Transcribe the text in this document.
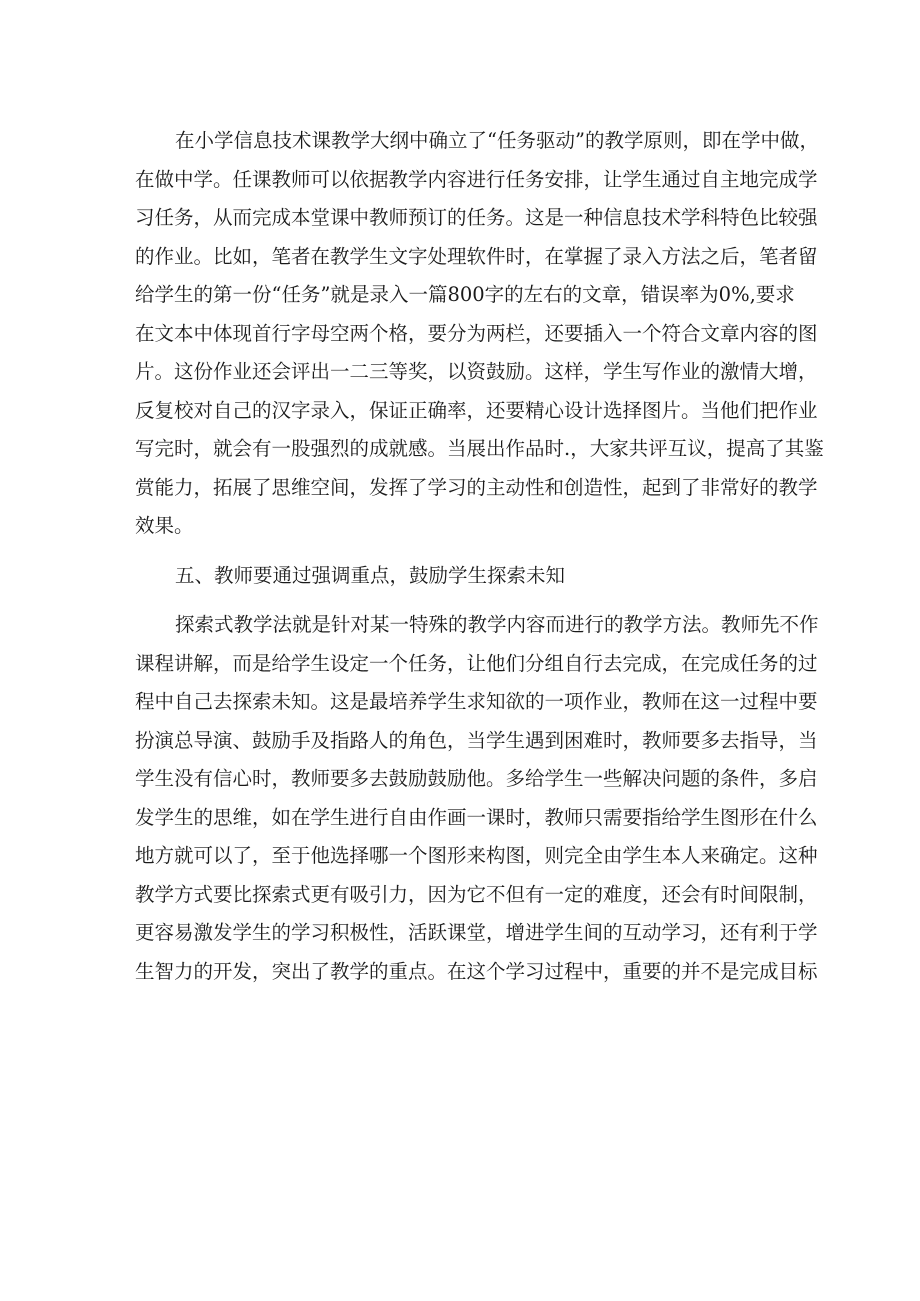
在小学信息技术课教学大纲中确立了“任务驱动”的教学原则，即在学中做，
在做中学。任课教师可以依据教学内容进行任务安排，让学生通过自主地完成学
习任务，从而完成本堂课中教师预订的任务。这是一种信息技术学科特色比较强
的作业。比如，笔者在教学生文字处理软件时，在掌握了录入方法之后，笔者留
给学生的第一份“任务”就是录入一篇800字的左右的文章，错误率为0%,要求
在文本中体现首行字母空两个格，要分为两栏，还要插入一个符合文章内容的图
片。这份作业还会评出一二三等奖，以资鼓励。这样，学生写作业的激情大增，
反复校对自己的汉字录入，保证正确率，还要精心设计选择图片。当他们把作业
写完时，就会有一股强烈的成就感。当展出作品时.，大家共评互议，提高了其鉴
赏能力，拓展了思维空间，发挥了学习的主动性和创造性，起到了非常好的教学
效果。
五、教师要通过强调重点，鼓励学生探索未知
探索式教学法就是针对某一特殊的教学内容而进行的教学方法。教师先不作
课程讲解，而是给学生设定一个任务，让他们分组自行去完成，在完成任务的过
程中自己去探索未知。这是最培养学生求知欲的一项作业，教师在这一过程中要
扮演总导演、鼓励手及指路人的角色，当学生遇到困难时，教师要多去指导，当
学生没有信心时，教师要多去鼓励鼓励他。多给学生一些解决问题的条件，多启
发学生的思维，如在学生进行自由作画一课时，教师只需要指给学生图形在什么
地方就可以了，至于他选择哪一个图形来构图，则完全由学生本人来确定。这种
教学方式要比探索式更有吸引力，因为它不但有一定的难度，还会有时间限制，
更容易激发学生的学习积极性，活跃课堂，增进学生间的互动学习，还有利于学
生智力的开发，突出了教学的重点。在这个学习过程中，重要的并不是完成目标
